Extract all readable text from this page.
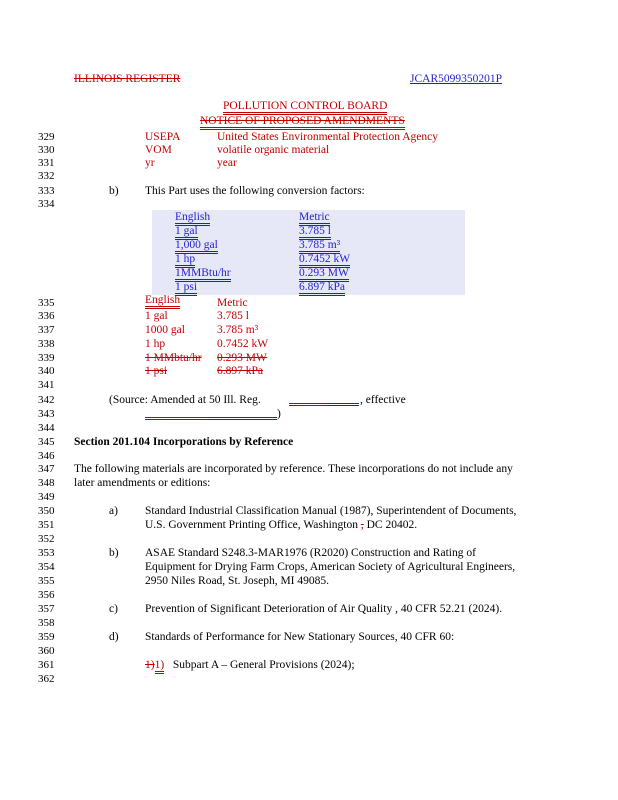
ILLINOIS REGISTER	JCAR5099350201P
POLLUTION CONTROL BOARD
NOTICE OF PROPOSED AMENDMENTS
329
330
331
332
333
334
335
336
337
338
339
340
341
342
343
344
345
346
347
348
349
350
351
352
353
354
355
356
357
358
359
360
361
362
USEPA	United States Environmental Protection Agency
VOM	volatile organic material
yr	year
b) This Part uses the following conversion factors:
English	Metric
1 gal	3.785 l
1,000 gal	3.785 m³
1 hp	0.7452 kW
1MMBtu/hr	0.293 MW
1 psi	6.897 kPa
English	Metric
1 gal	3.785 l
1000 gal	3.785 m³
1 hp	0.7452 kW
1 MMbtu/hr 0.293 MW
1 psi	6.897 kPa
(Source: Amended at 50 Ill. Reg.	, effective
)
Section 201.104 Incorporations by Reference
The following materials are incorporated by reference. These incorporations do not include any
later amendments or editions:
a) Standard Industrial Classification Manual (1987), Superintendent of Documents,
U.S. Government Printing Office, Washington , DC 20402.
b) ASAE Standard S248.3-MAR1976 (R2020) Construction and Rating of
Equipment for Drying Farm Crops, American Society of Agricultural Engineers,
2950 Niles Road, St. Joseph, MI 49085.
c) Prevention of Significant Deterioration of Air Quality , 40 CFR 52.21 (2024).
d) Standards of Performance for New Stationary Sources, 40 CFR 60:
1)1) Subpart A – General Provisions (2024);
